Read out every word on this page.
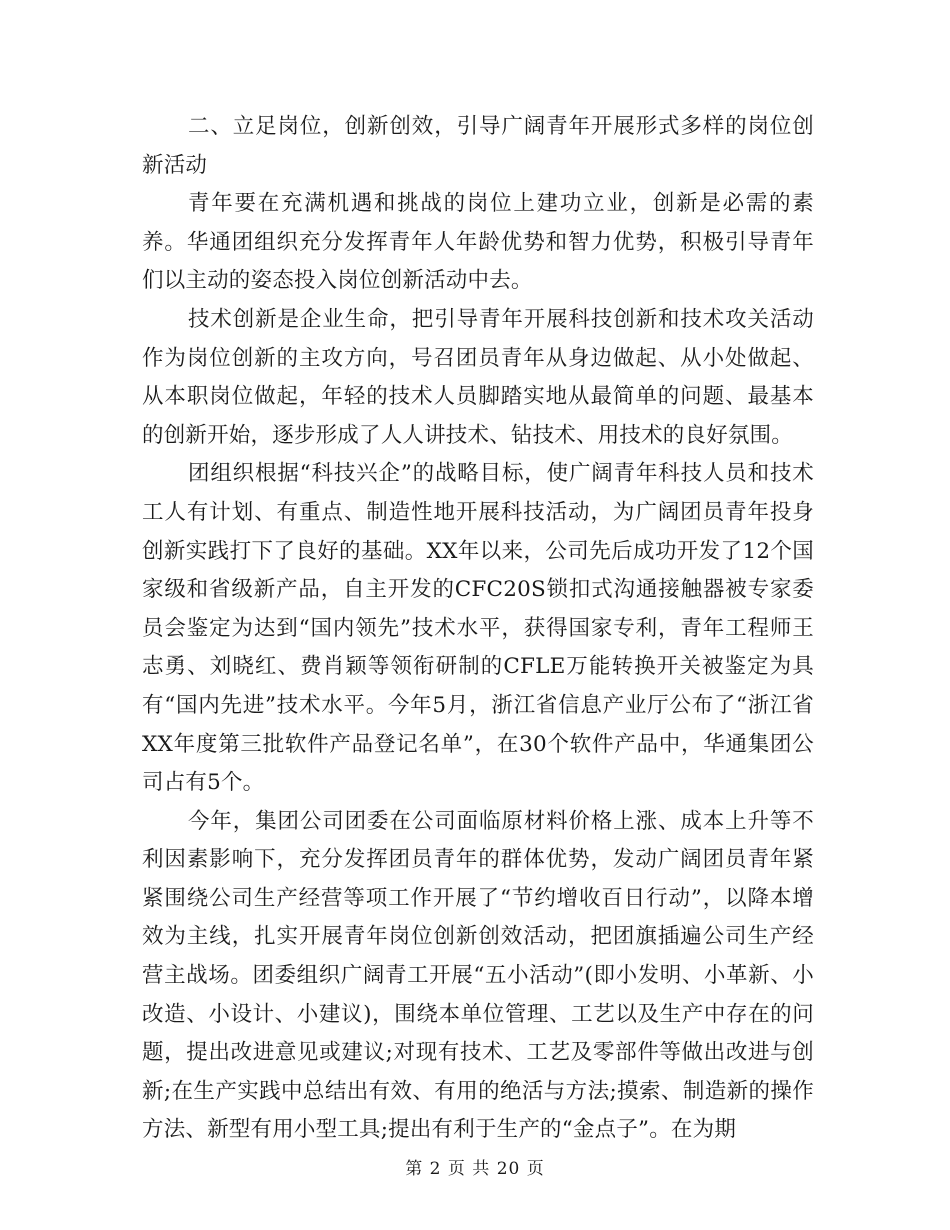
二、立足岗位，创新创效，引导广阔青年开展形式多样的岗位创新活动

青年要在充满机遇和挑战的岗位上建功立业，创新是必需的素养。华通团组织充分发挥青年人年龄优势和智力优势，积极引导青年们以主动的姿态投入岗位创新活动中去。

技术创新是企业生命，把引导青年开展科技创新和技术攻关活动作为岗位创新的主攻方向，号召团员青年从身边做起、从小处做起、从本职岗位做起，年轻的技术人员脚踏实地从最简单的问题、最基本的创新开始，逐步形成了人人讲技术、钻技术、用技术的良好氛围。

团组织根据“科技兴企”的战略目标，使广阔青年科技人员和技术工人有计划、有重点、制造性地开展科技活动，为广阔团员青年投身创新实践打下了良好的基础。XX年以来，公司先后成功开发了12个国家级和省级新产品，自主开发的CFC20S锁扣式沟通接触器被专家委员会鉴定为达到“国内领先”技术水平，获得国家专利，青年工程师王志勇、刘晓红、费肖颖等领衔研制的CFLE万能转换开关被鉴定为具有“国内先进”技术水平。今年5月，浙江省信息产业厅公布了“浙江省XX年度第三批软件产品登记名单”，在30个软件产品中，华通集团公司占有5个。

今年，集团公司团委在公司面临原材料价格上涨、成本上升等不利因素影响下，充分发挥团员青年的群体优势，发动广阔团员青年紧紧围绕公司生产经营等项工作开展了“节约增收百日行动”，以降本增效为主线，扎实开展青年岗位创新创效活动，把团旗插遍公司生产经营主战场。团委组织广阔青工开展“五小活动”(即小发明、小革新、小改造、小设计、小建议)，围绕本单位管理、工艺以及生产中存在的问题，提出改进意见或建议;对现有技术、工艺及零部件等做出改进与创新;在生产实践中总结出有效、有用的绝活与方法;摸索、制造新的操作方法、新型有用小型工具;提出有利于生产的“金点子”。在为期

第 2 页 共 20 页
